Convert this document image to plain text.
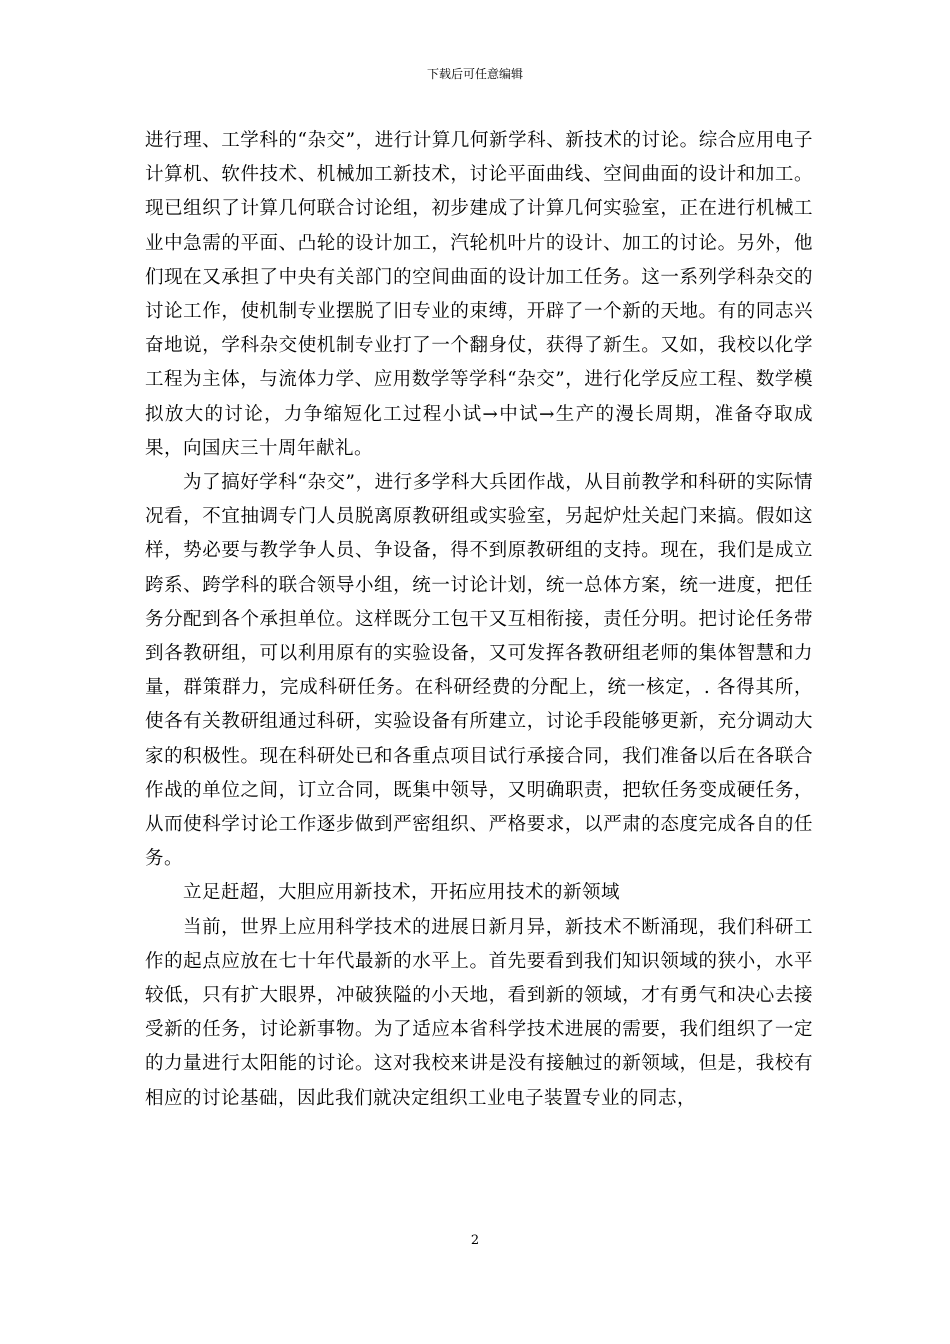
下载后可任意编辑

进行理、工学科的“杂交”，进行计算几何新学科、新技术的讨论。综合应用电子计算机、软件技术、机械加工新技术，讨论平面曲线、空间曲面的设计和加工。现已组织了计算几何联合讨论组，初步建成了计算几何实验室，正在进行机械工业中急需的平面、凸轮的设计加工，汽轮机叶片的设计、加工的讨论。另外，他们现在又承担了中央有关部门的空间曲面的设计加工任务。这一系列学科杂交的讨论工作，使机制专业摆脱了旧专业的束缚，开辟了一个新的天地。有的同志兴奋地说，学科杂交使机制专业打了一个翻身仗，获得了新生。又如，我校以化学工程为主体，与流体力学、应用数学等学科“杂交”，进行化学反应工程、数学模拟放大的讨论，力争缩短化工过程小试→中试→生产的漫长周期，准备夺取成果，向国庆三十周年献礼。

为了搞好学科“杂交”，进行多学科大兵团作战，从目前教学和科研的实际情况看，不宜抽调专门人员脱离原教研组或实验室，另起炉灶关起门来搞。假如这样，势必要与教学争人员、争设备，得不到原教研组的支持。现在，我们是成立跨系、跨学科的联合领导小组，统一讨论计划，统一总体方案，统一进度，把任务分配到各个承担单位。这样既分工包干又互相衔接，责任分明。把讨论任务带到各教研组，可以利用原有的实验设备，又可发挥各教研组老师的集体智慧和力量，群策群力，完成科研任务。在科研经费的分配上，统一核定，. 各得其所，使各有关教研组通过科研，实验设备有所建立，讨论手段能够更新，充分调动大家的积极性。现在科研处已和各重点项目试行承接合同，我们准备以后在各联合作战的单位之间，订立合同，既集中领导，又明确职责，把软任务变成硬任务，从而使科学讨论工作逐步做到严密组织、严格要求，以严肃的态度完成各自的任务。

立足赶超，大胆应用新技术，开拓应用技术的新领域

当前，世界上应用科学技术的进展日新月异，新技术不断涌现，我们科研工作的起点应放在七十年代最新的水平上。首先要看到我们知识领域的狭小，水平较低，只有扩大眼界，冲破狭隘的小天地，看到新的领域，才有勇气和决心去接受新的任务，讨论新事物。为了适应本省科学技术进展的需要，我们组织了一定的力量进行太阳能的讨论。这对我校来讲是没有接触过的新领域，但是，我校有相应的讨论基础，因此我们就决定组织工业电子装置专业的同志，

2
